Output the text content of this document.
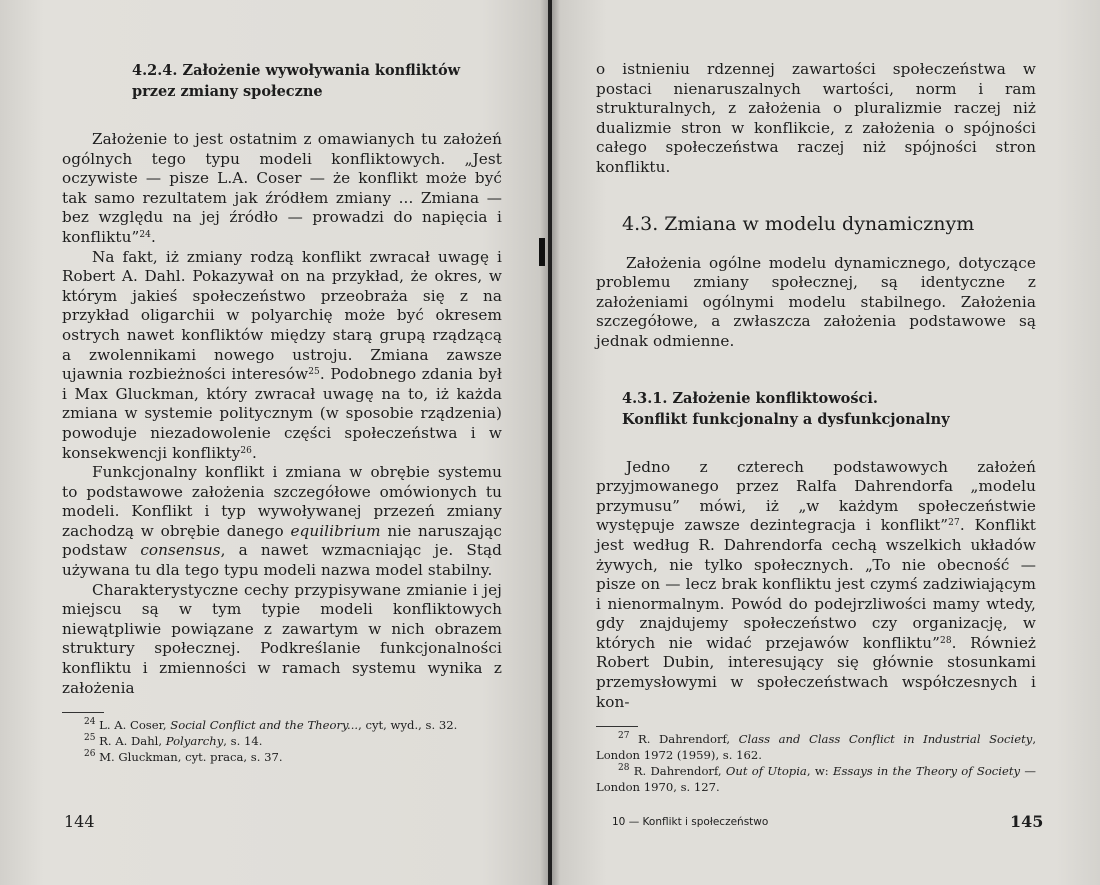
4.2.4. Założenie wywoływania konfliktów
przez zmiany społeczne

Założenie to jest ostatnim z omawianych tu założeń ogólnych tego typu modeli konfliktowych. „Jest oczywiste — pisze L.A. Coser — że konflikt może być tak samo rezultatem jak źródłem zmiany ... Zmiana — bez względu na jej źródło — prowadzi do napięcia i konfliktu”$^{24}$.

Na fakt, iż zmiany rodzą konflikt zwracał uwagę i Robert A. Dahl. Pokazywał on na przykład, że okres, w którym jakieś społeczeństwo przeobraża się z na przykład oligarchii w polyarchię może być okresem ostrych nawet konfliktów między starą grupą rządzącą a zwolennikami nowego ustroju. Zmiana zawsze ujawnia rozbieżności interesów$^{25}$. Podobnego zdania był i Max Gluckman, który zwracał uwagę na to, iż każda zmiana w systemie politycznym (w sposobie rządzenia) powoduje niezadowolenie części społeczeństwa i w konsekwencji konflikty$^{26}$.

Funkcjonalny konflikt i zmiana w obrębie systemu to podstawowe założenia szczegółowe omówionych tu modeli. Konflikt i typ wywoływanej przezeń zmiany zachodzą w obrębie danego equilibrium nie naruszając podstaw consensus, a nawet wzmacniając je. Stąd używana tu dla tego typu modeli nazwa model stabilny.

Charakterystyczne cechy przypisywane zmianie i jej miejscu są w tym typie modeli konfliktowych niewątpliwie powiązane z zawartym w nich obrazem struktury społecznej. Podkreślanie funkcjonalności konfliktu i zmienności w ramach systemu wynika z założenia

$^{24}$ L. A. Coser, Social Conflict and the Theory..., cyt, wyd., s. 32.

$^{25}$ R. A. Dahl, Polyarchy, s. 14.

$^{26}$ M. Gluckman, cyt. praca, s. 37.

144

o istnieniu rdzennej zawartości społeczeństwa w postaci nienaruszalnych wartości, norm i ram strukturalnych, z założenia o pluralizmie raczej niż dualizmie stron w konflikcie, z założenia o spójności całego społeczeństwa raczej niż spójności stron konfliktu.

4.3. Zmiana w modelu dynamicznym

Założenia ogólne modelu dynamicznego, dotyczące problemu zmiany społecznej, są identyczne z założeniami ogólnymi modelu stabilnego. Założenia szczegółowe, a zwłaszcza założenia podstawowe są jednak odmienne.

4.3.1. Założenie konfliktowości.
Konflikt funkcjonalny a dysfunkcjonalny

Jedno z czterech podstawowych założeń przyjmowanego przez Ralfa Dahrendorfa „modelu przymusu” mówi, iż „w każdym społeczeństwie występuje zawsze dezintegracja i konflikt”$^{27}$. Konflikt jest według R. Dahrendorfa cechą wszelkich układów żywych, nie tylko społecznych. „To nie obecność — pisze on — lecz brak konfliktu jest czymś zadziwiającym i nienormalnym. Powód do podejrzliwości mamy wtedy, gdy znajdujemy społeczeństwo czy organizację, w których nie widać przejawów konfliktu”$^{28}$. Również Robert Dubin, interesujący się głównie stosunkami przemysłowymi w społeczeństwach współczesnych i kon-

$^{27}$ R. Dahrendorf, Class and Class Conflict in Industrial Society, London 1972 (1959), s. 162.

$^{28}$ R. Dahrendorf, Out of Utopia, w: Essays in the Theory of Society — London 1970, s. 127.

10 — Konflikt i społeczeństwo	145
